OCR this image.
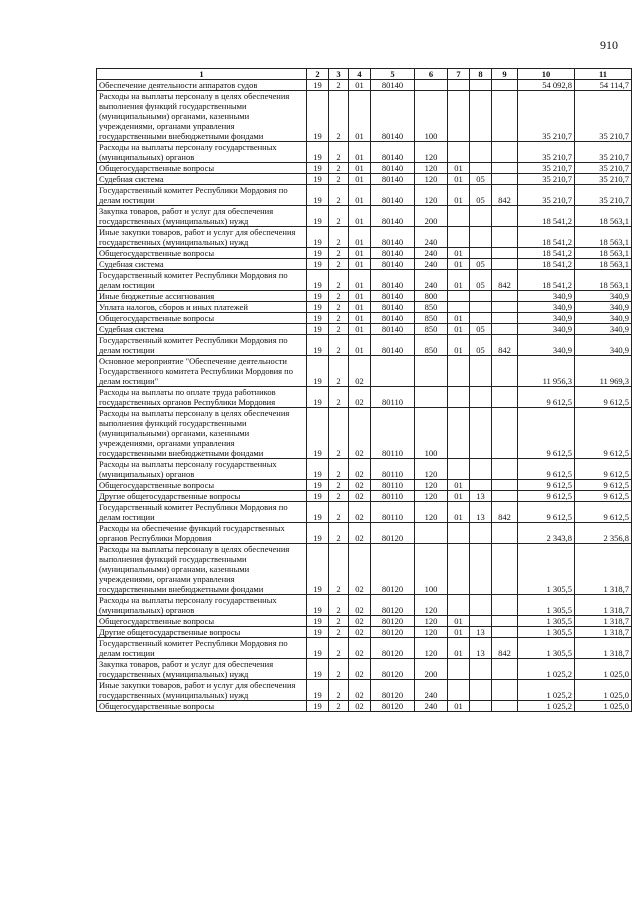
910
1	2	3	4	5	6	7	8	9	10	11
Обеспечение деятельности аппаратов судов	19	2	01	80140					54 092,8	54 114,7
Расходы на выплаты персоналу в целях обеспечения выполнения функций государственными (муниципальными) органами, казенными учреждениями, органами управления государственными внебюджетными фондами	19	2	01	80140	100				35 210,7	35 210,7
Расходы на выплаты персоналу государственных (муниципальных) органов	19	2	01	80140	120				35 210,7	35 210,7
Общегосударственные вопросы	19	2	01	80140	120	01			35 210,7	35 210,7
Судебная система	19	2	01	80140	120	01	05		35 210,7	35 210,7
Государственный комитет Республики Мордовия по делам юстиции	19	2	01	80140	120	01	05	842	35 210,7	35 210,7
Закупка товаров, работ и услуг для обеспечения государственных (муниципальных) нужд	19	2	01	80140	200				18 541,2	18 563,1
Иные закупки товаров, работ и услуг для обеспечения государственных (муниципальных) нужд	19	2	01	80140	240				18 541,2	18 563,1
Общегосударственные вопросы	19	2	01	80140	240	01			18 541,2	18 563,1
Судебная система	19	2	01	80140	240	01	05		18 541,2	18 563,1
Государственный комитет Республики Мордовия по делам юстиции	19	2	01	80140	240	01	05	842	18 541,2	18 563,1
Иные бюджетные ассигнования	19	2	01	80140	800				340,9	340,9
Уплата налогов, сборов и иных платежей	19	2	01	80140	850				340,9	340,9
Общегосударственные вопросы	19	2	01	80140	850	01			340,9	340,9
Судебная система	19	2	01	80140	850	01	05		340,9	340,9
Государственный комитет Республики Мордовия по делам юстиции	19	2	01	80140	850	01	05	842	340,9	340,9
Основное мероприятие "Обеспечение деятельности Государственного комитета Республики Мордовия по делам юстиции"	19	2	02						11 956,3	11 969,3
Расходы на выплаты по оплате труда работников государственных органов Республики Мордовия	19	2	02	80110					9 612,5	9 612,5
Расходы на выплаты персоналу в целях обеспечения выполнения функций государственными (муниципальными) органами, казенными учреждениями, органами управления государственными внебюджетными фондами	19	2	02	80110	100				9 612,5	9 612,5
Расходы на выплаты персоналу государственных (муниципальных) органов	19	2	02	80110	120				9 612,5	9 612,5
Общегосударственные вопросы	19	2	02	80110	120	01			9 612,5	9 612,5
Другие общегосударственные вопросы	19	2	02	80110	120	01	13		9 612,5	9 612,5
Государственный комитет Республики Мордовия по делам юстиции	19	2	02	80110	120	01	13	842	9 612,5	9 612,5
Расходы на обеспечение функций государственных органов Республики Мордовия	19	2	02	80120					2 343,8	2 356,8
Расходы на выплаты персоналу в целях обеспечения выполнения функций государственными (муниципальными) органами, казенными учреждениями, органами управления государственными внебюджетными фондами	19	2	02	80120	100				1 305,5	1 318,7
Расходы на выплаты персоналу государственных (муниципальных) органов	19	2	02	80120	120				1 305,5	1 318,7
Общегосударственные вопросы	19	2	02	80120	120	01			1 305,5	1 318,7
Другие общегосударственные вопросы	19	2	02	80120	120	01	13		1 305,5	1 318,7
Государственный комитет Республики Мордовия по делам юстиции	19	2	02	80120	120	01	13	842	1 305,5	1 318,7
Закупка товаров, работ и услуг для обеспечения государственных (муниципальных) нужд	19	2	02	80120	200				1 025,2	1 025,0
Иные закупки товаров, работ и услуг для обеспечения государственных (муниципальных) нужд	19	2	02	80120	240				1 025,2	1 025,0
Общегосударственные вопросы	19	2	02	80120	240	01			1 025,2	1 025,0
